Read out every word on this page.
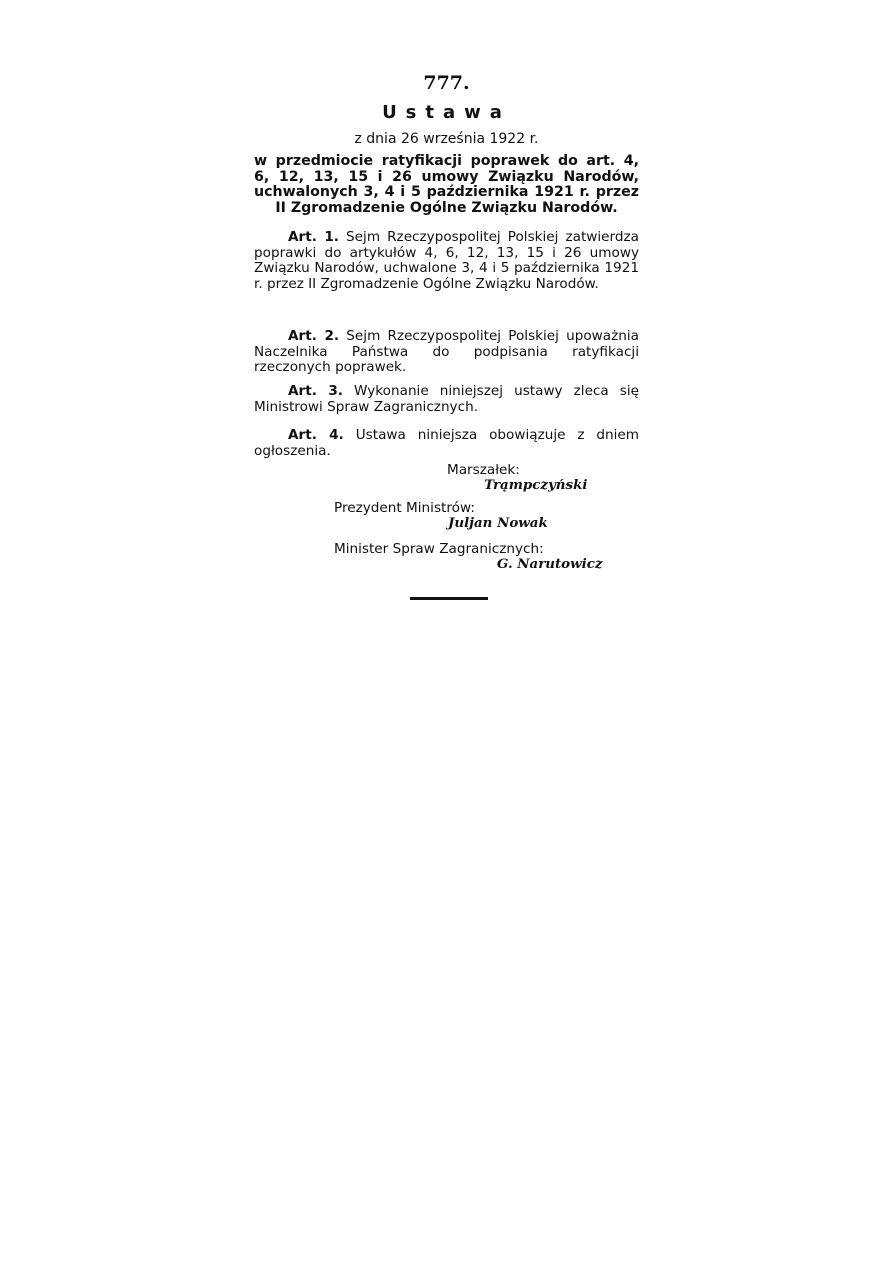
777.
Ustawa
z dnia 26 września 1922 r.
w przedmiocie ratyfikacji poprawek do art. 4,
6, 12, 13, 15 i 26 umowy Związku Narodów,
uchwalonych 3, 4 i 5 października 1921 r. przez
II Zgromadzenie Ogólne Związku Narodów.
Art. 1. Sejm Rzeczypospolitej Polskiej zatwierdza poprawki do artykułów 4, 6, 12, 13, 15 i 26 umowy Związku Narodów, uchwalone 3, 4 i 5 października 1921 r. przez II Zgromadzenie Ogólne Związku Narodów.
Art. 2. Sejm Rzeczypospolitej Polskiej upoważnia Naczelnika Państwa do podpisania ratyfikacji rzeczonych poprawek.
Art. 3. Wykonanie niniejszej ustawy zleca się Ministrowi Spraw Zagranicznych.
Art. 4. Ustawa niniejsza obowiązuje z dniem ogłoszenia.
Marszałek:
Trąmpczyński
Prezydent Ministrów:
Juljan Nowak
Minister Spraw Zagranicznych:
G. Narutowicz
